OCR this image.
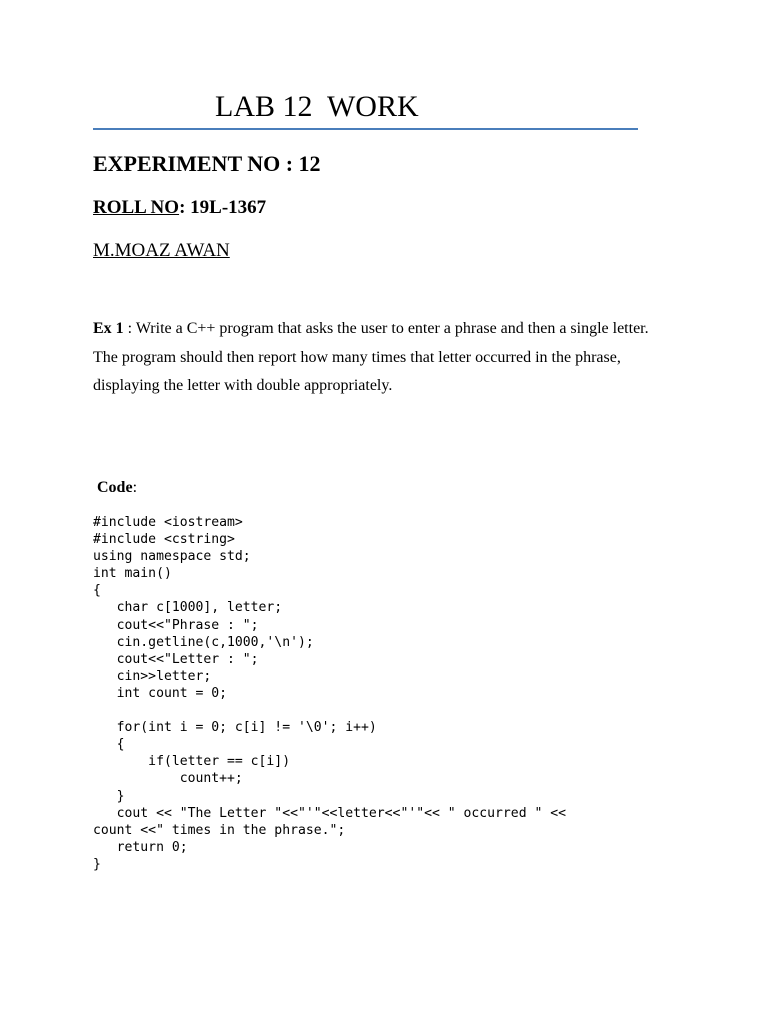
LAB 12  WORK
EXPERIMENT NO : 12
ROLL NO: 19L-1367
M.MOAZ AWAN
Ex 1 : Write a C++ program that asks the user to enter a phrase and then a single letter. The program should then report how many times that letter occurred in the phrase, displaying the letter with double appropriately.
Code:
#include <iostream>
#include <cstring>
using namespace std;
int main()
{
char c[1000], letter;
cout<<"Phrase : ";
cin.getline(c,1000,'\n');
cout<<"Letter : ";
cin>>letter;
int count = 0;
for(int i = 0; c[i] != '\0'; i++)
{
if(letter == c[i])
count++;
}
cout << "The Letter "<<"'"<<letter<<"'"<< " occurred " <<
count <<" times in the phrase.";
return 0;
}
